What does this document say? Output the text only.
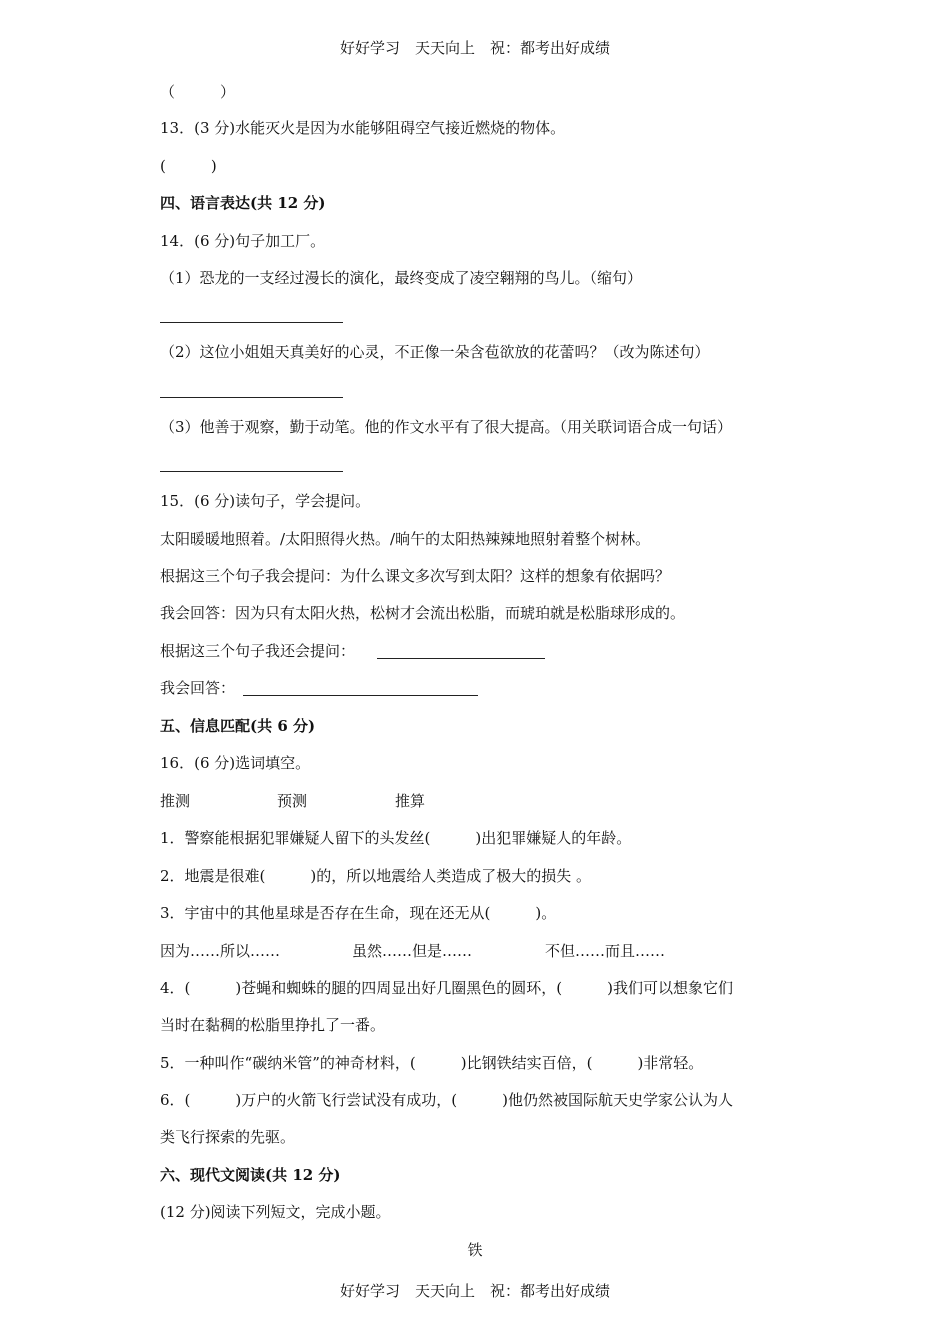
好好学习　天天向上　祝：都考出好成绩
（　　　）
13．(3 分)水能灭火是因为水能够阻碍空气接近燃烧的物体。
(　　　)
四、语言表达(共 12 分)
14．(6 分)句子加工厂。
（1）恐龙的一支经过漫长的演化，最终变成了凌空翱翔的鸟儿。（缩句）
（2）这位小姐姐天真美好的心灵，不正像一朵含苞欲放的花蕾吗？（改为陈述句）
（3）他善于观察，勤于动笔。他的作文水平有了很大提高。（用关联词语合成一句话）
15．(6 分)读句子，学会提问。
太阳暖暖地照着。/太阳照得火热。/晌午的太阳热辣辣地照射着整个树林。
根据这三个句子我会提问：为什么课文多次写到太阳？这样的想象有依据吗？
我会回答：因为只有太阳火热，松树才会流出松脂，而琥珀就是松脂球形成的。
根据这三个句子我还会提问：
我会回答：
五、信息匹配(共 6 分)
16．(6 分)选词填空。
推测	预测	推算
1．警察能根据犯罪嫌疑人留下的头发丝(　　　)出犯罪嫌疑人的年龄。
2．地震是很难(　　　)的，所以地震给人类造成了极大的损失 。
3．宇宙中的其他星球是否存在生命，现在还无从(　　　)。
因为……所以……	虽然……但是……	不但……而且……
4．(　　　)苍蝇和蜘蛛的腿的四周显出好几圈黑色的圆环，(　　　)我们可以想象它们
当时在黏稠的松脂里挣扎了一番。
5．一种叫作“碳纳米管”的神奇材料，(　　　)比钢铁结实百倍，(　　　)非常轻。
6．(　　　)万户的火箭飞行尝试没有成功，(　　　)他仍然被国际航天史学家公认为人
类飞行探索的先驱。
六、现代文阅读(共 12 分)
(12 分)阅读下列短文，完成小题。
铁
好好学习　天天向上　祝：都考出好成绩
